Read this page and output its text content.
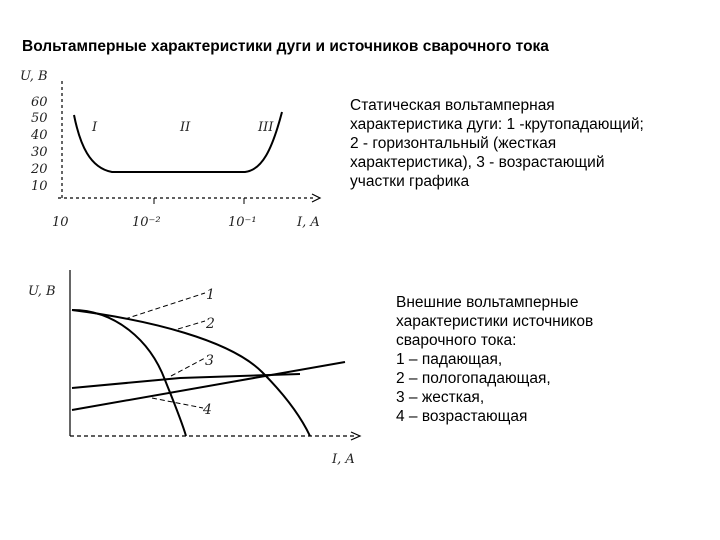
Вольтамперные характеристики дуги и источников сварочного тока
U, B
60
50
40
30
20
10
10	10⁻²	10⁻¹	I, A
I	II	III
U, B
I, A
1
2
3
4
Статическая вольтамперная
характеристика дуги: 1 -крутопадающий;
2 - горизонтальный (жесткая
характеристика), 3 - возрастающий
участки графика
Внешние вольтамперные
характеристики источников
сварочного тока:
1 – падающая,
2 – пологопадающая,
3 – жесткая,
4 – возрастающая
